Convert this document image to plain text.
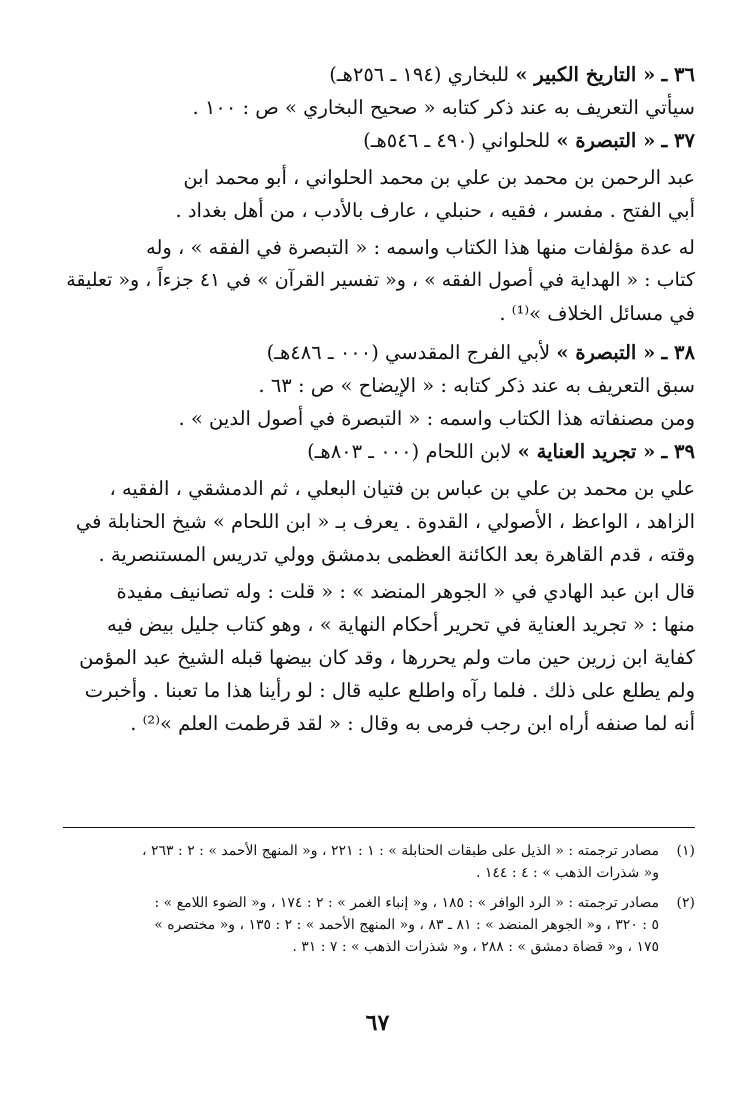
٣٦ ـ « التاريخ الكبير » للبخاري (١٩٤ ـ ٢٥٦هـ)

سيأتي التعريف به عند ذكر كتابه « صحيح البخاري » ص : ١٠٠ .

٣٧ ـ « التبصرة » للحلواني (٤٩٠ ـ ٥٤٦هـ)

عبد الرحمن بن محمد بن علي بن محمد الحلواني ، أبو محمد ابن

أبي الفتح . مفسر ، فقيه ، حنبلي ، عارف بالأدب ، من أهل بغداد .

له عدة مؤلفات منها هذا الكتاب واسمه : « التبصرة في الفقه » ، وله

كتاب : « الهداية في أصول الفقه » ، و« تفسير القرآن » في ٤١ جزءاً ، و« تعليقة

في مسائل الخلاف »⁽¹⁾ .

٣٨ ـ « التبصرة » لأبي الفرج المقدسي (٠٠٠ ـ ٤٨٦هـ)

سبق التعريف به عند ذكر كتابه : « الإيضاح » ص : ٦٣ .

ومن مصنفاته هذا الكتاب واسمه : « التبصرة في أصول الدين » .

٣٩ ـ « تجريد العناية » لابن اللحام (٠٠٠ ـ ٨٠٣هـ)

علي بن محمد بن علي بن عباس بن فتيان البعلي ، ثم الدمشقي ، الفقيه ،

الزاهد ، الواعظ ، الأصولي ، القدوة . يعرف بـ « ابن اللحام » شيخ الحنابلة في

وقته ، قدم القاهرة بعد الكائنة العظمى بدمشق وولي تدريس المستنصرية .

قال ابن عبد الهادي في « الجوهر المنضد » : « قلت : وله تصانيف مفيدة

منها : « تجريد العناية في تحرير أحكام النهاية » ، وهو كتاب جليل بيض فيه

كفاية ابن زرين حين مات ولم يحررها ، وقد كان بيضها قبله الشيخ عبد المؤمن

ولم يطلع على ذلك . فلما رآه واطلع عليه قال : لو رأينا هذا ما تعبنا . وأخبرت

أنه لما صنفه أراه ابن رجب فرمى به وقال : « لقد قرطمت العلم »⁽²⁾ .

(١)
مصادر ترجمته : « الذيل على طبقات الحنابلة » : ١ : ٢٢١ ، و« المنهج الأحمد » : ٢ : ٢٦٣ ،
و« شذرات الذهب » : ٤ : ١٤٤ .
(٢)
مصادر ترجمته : « الرد الوافر » : ١٨٥ ، و« إنباء الغمر » : ٢ : ١٧٤ ، و« الضوء اللامع » :
٥ : ٣٢٠ ، و« الجوهر المنضد » : ٨١ ـ ٨٣ ، و« المنهج الأحمد » : ٢ : ١٣٥ ، و« مختصره »
١٧٥ ، و« قضاة دمشق » : ٢٨٨ ، و« شذرات الذهب » : ٧ : ٣١ .
٦٧
